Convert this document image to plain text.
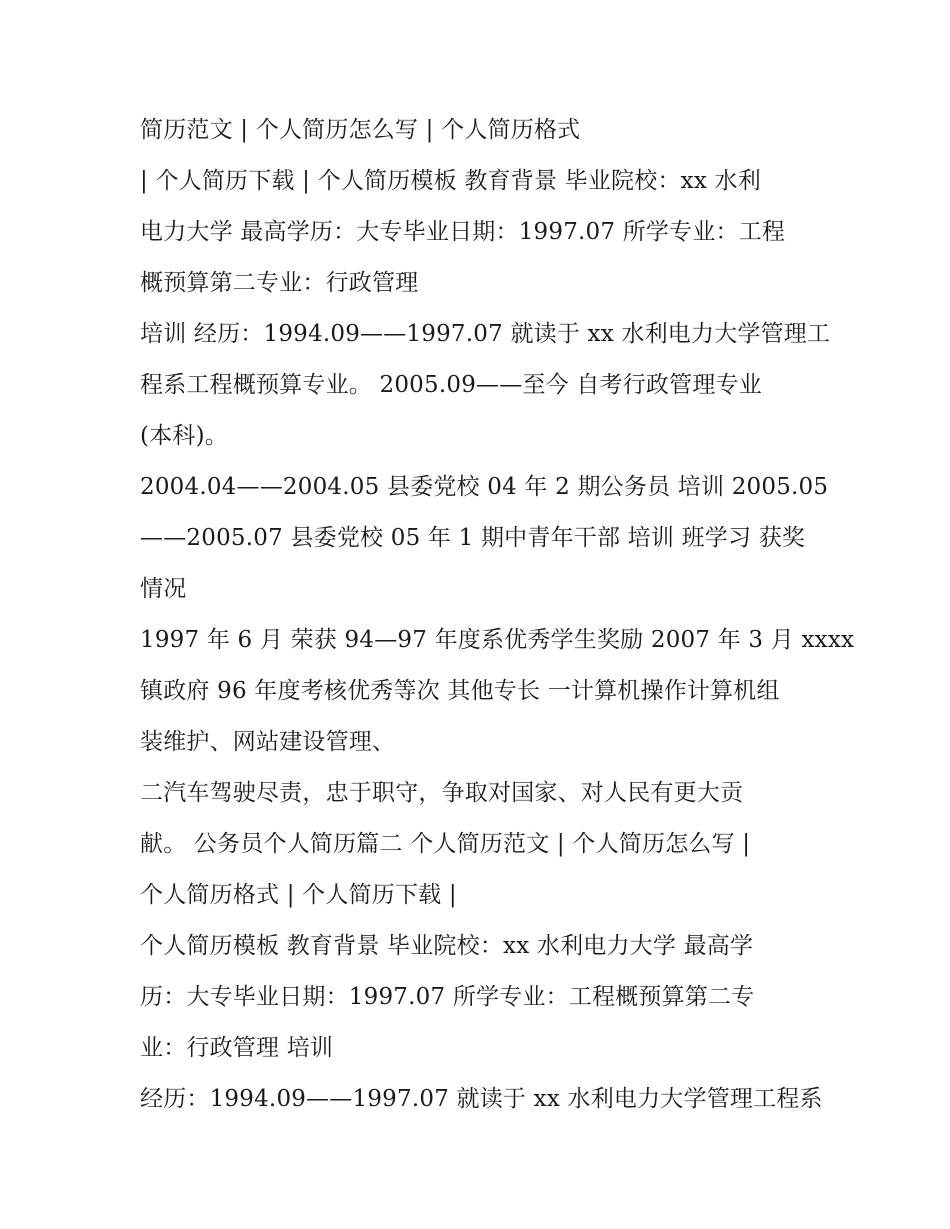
简历范文 | 个人简历怎么写 | 个人简历格式
| 个人简历下载 | 个人简历模板 教育背景 毕业院校：xx 水利
电力大学 最高学历：大专毕业日期：1997.07 所学专业：工程
概预算第二专业：行政管理
培训 经历：1994.09——1997.07 就读于 xx 水利电力大学管理工
程系工程概预算专业。 2005.09——至今 自考行政管理专业
(本科)。
2004.04——2004.05 县委党校 04 年 2 期公务员 培训 2005.05
——2005.07 县委党校 05 年 1 期中青年干部 培训 班学习 获奖
情况
1997 年 6 月 荣获 94—97 年度系优秀学生奖励 2007 年 3 月 xxxx
镇政府 96 年度考核优秀等次 其他专长 一计算机操作计算机组
装维护、网站建设管理、
二汽车驾驶尽责，忠于职守，争取对国家、对人民有更大贡
献。 公务员个人简历篇二 个人简历范文 | 个人简历怎么写 |
个人简历格式 | 个人简历下载 |
个人简历模板 教育背景 毕业院校：xx 水利电力大学 最高学
历：大专毕业日期：1997.07 所学专业：工程概预算第二专
业：行政管理 培训
经历：1994.09——1997.07 就读于 xx 水利电力大学管理工程系
